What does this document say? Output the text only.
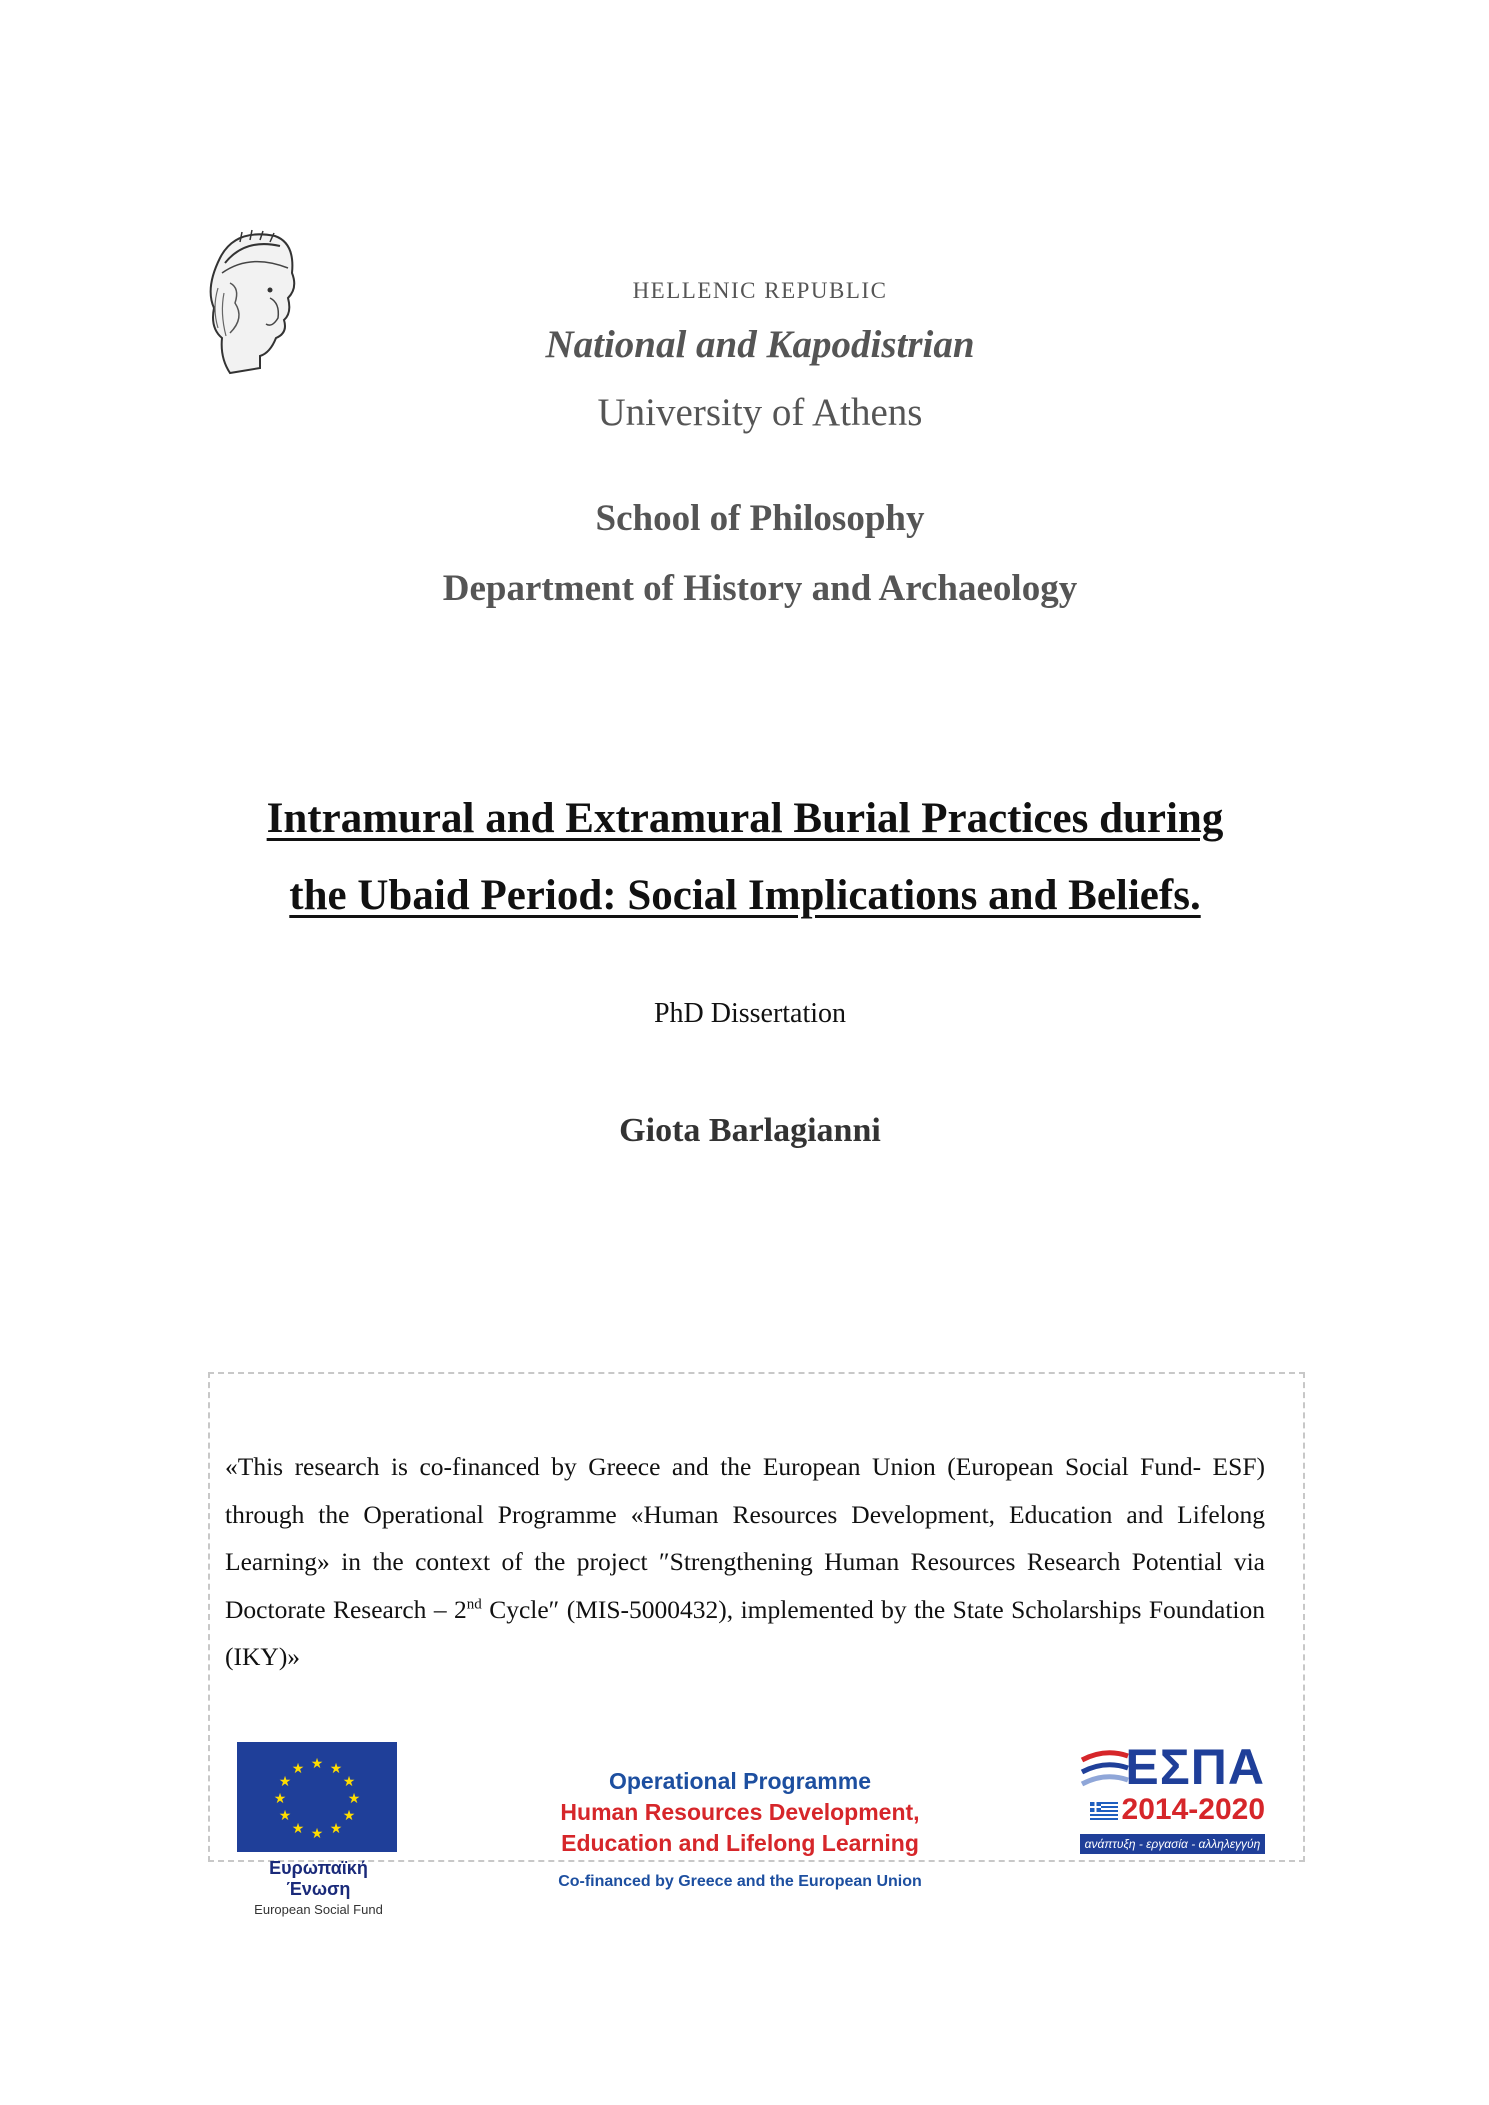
HELLENIC REPUBLIC
National and Kapodistrian
University of Athens
School of Philosophy
Department of History and Archaeology
Intramural and Extramural Burial Practices during
the Ubaid Period: Social Implications and Beliefs.
PhD Dissertation
Giota Barlagianni
«This research is co-financed by Greece and the European Union (European Social Fund- ESF) through the Operational Programme «Human Resources Development, Education and Lifelong Learning» in the context of the project ″Strengthening Human Resources Research Potential via Doctorate Research – 2nd Cycle″ (MIS-5000432), implemented by the State Scholarships Foundation (IKY)»
★ ★
★
★
★
★
★
★
★
★
★
★
Ευρωπαϊκή Ένωση
European Social Fund
Operational Programme
Human Resources Development,
Education and Lifelong Learning
Co-financed by Greece and the European Union
ΕΣΠΑ
2014-2020
ανάπτυξη - εργασία - αλληλεγγύη
